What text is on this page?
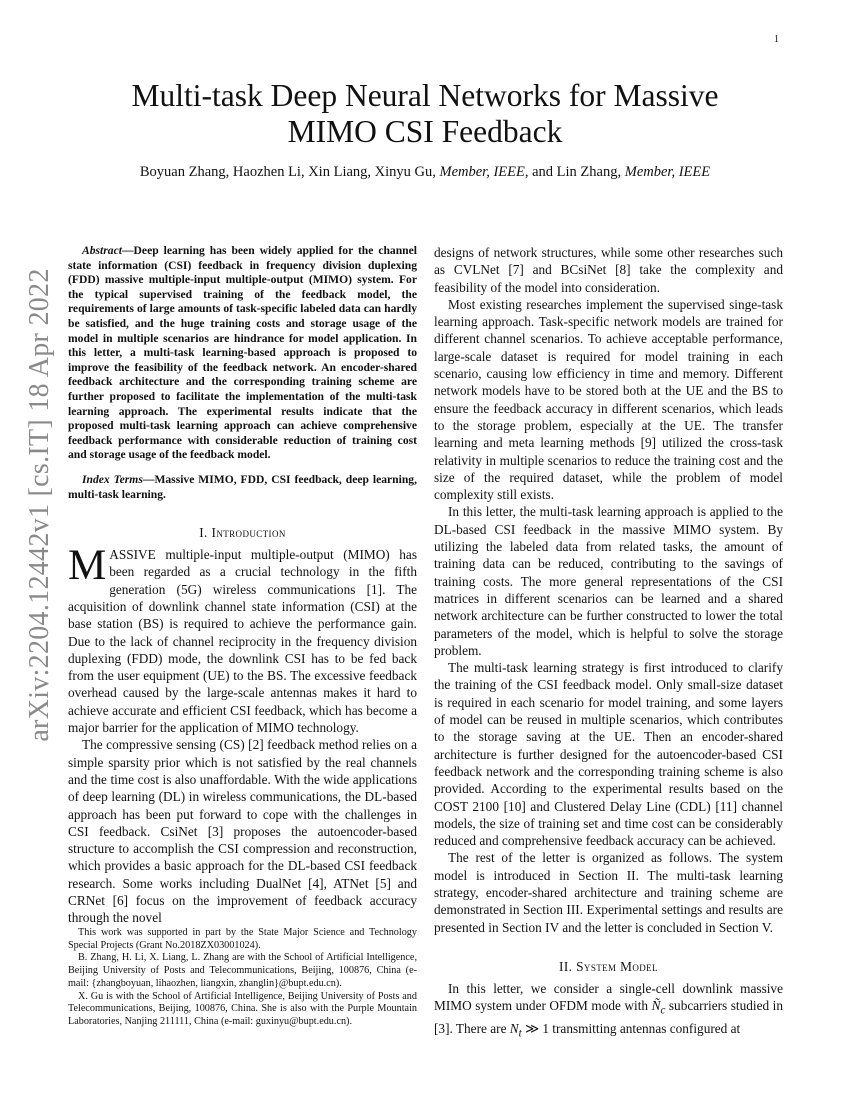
1
arXiv:2204.12442v1 [cs.IT] 18 Apr 2022
Multi-task Deep Neural Networks for Massive
MIMO CSI Feedback
Boyuan Zhang, Haozhen Li, Xin Liang, Xinyu Gu, Member, IEEE, and Lin Zhang, Member, IEEE

Abstract—Deep learning has been widely applied for the channel state information (CSI) feedback in frequency division duplexing (FDD) massive multiple-input multiple-output (MIMO) system. For the typical supervised training of the feedback model, the requirements of large amounts of task-specific labeled data can hardly be satisfied, and the huge training costs and storage usage of the model in multiple scenarios are hindrance for model application. In this letter, a multi-task learning-based approach is proposed to improve the feasibility of the feedback network. An encoder-shared feedback architecture and the corresponding training scheme are further proposed to facilitate the implementation of the multi-task learning approach. The experimental results indicate that the proposed multi-task learning approach can achieve comprehensive feedback performance with considerable reduction of training cost and storage usage of the feedback model.

Index Terms—Massive MIMO, FDD, CSI feedback, deep learning, multi-task learning.

I. Introduction

MASSIVE multiple-input multiple-output (MIMO) has been regarded as a crucial technology in the fifth generation (5G) wireless communications [1]. The acquisition of downlink channel state information (CSI) at the base station (BS) is required to achieve the performance gain. Due to the lack of channel reciprocity in the frequency division duplexing (FDD) mode, the downlink CSI has to be fed back from the user equipment (UE) to the BS. The excessive feedback overhead caused by the large-scale antennas makes it hard to achieve accurate and efficient CSI feedback, which has become a major barrier for the application of MIMO technology.

The compressive sensing (CS) [2] feedback method relies on a simple sparsity prior which is not satisfied by the real channels and the time cost is also unaffordable. With the wide applications of deep learning (DL) in wireless communications, the DL-based approach has been put forward to cope with the challenges in CSI feedback. CsiNet [3] proposes the autoencoder-based structure to accomplish the CSI compression and reconstruction, which provides a basic approach for the DL-based CSI feedback research. Some works including DualNet [4], ATNet [5] and CRNet [6] focus on the improvement of feedback accuracy through the novel

designs of network structures, while some other researches such as CVLNet [7] and BCsiNet [8] take the complexity and feasibility of the model into consideration.

Most existing researches implement the supervised singe-task learning approach. Task-specific network models are trained for different channel scenarios. To achieve acceptable performance, large-scale dataset is required for model training in each scenario, causing low efficiency in time and memory. Different network models have to be stored both at the UE and the BS to ensure the feedback accuracy in different scenarios, which leads to the storage problem, especially at the UE. The transfer learning and meta learning methods [9] utilized the cross-task relativity in multiple scenarios to reduce the training cost and the size of the required dataset, while the problem of model complexity still exists.

In this letter, the multi-task learning approach is applied to the DL-based CSI feedback in the massive MIMO system. By utilizing the labeled data from related tasks, the amount of training data can be reduced, contributing to the savings of training costs. The more general representations of the CSI matrices in different scenarios can be learned and a shared network architecture can be further constructed to lower the total parameters of the model, which is helpful to solve the storage problem.

The multi-task learning strategy is first introduced to clarify the training of the CSI feedback model. Only small-size dataset is required in each scenario for model training, and some layers of model can be reused in multiple scenarios, which contributes to the storage saving at the UE. Then an encoder-shared architecture is further designed for the autoencoder-based CSI feedback network and the corresponding training scheme is also provided. According to the experimental results based on the COST 2100 [10] and Clustered Delay Line (CDL) [11] channel models, the size of training set and time cost can be considerably reduced and comprehensive feedback accuracy can be achieved.

The rest of the letter is organized as follows. The system model is introduced in Section II. The multi-task learning strategy, encoder-shared architecture and training scheme are demonstrated in Section III. Experimental settings and results are presented in Section IV and the letter is concluded in Section V.

II. System Model

In this letter, we consider a single-cell downlink massive MIMO system under OFDM mode with $Ñ_c$ subcarriers studied in [3]. There are $N_t$ ≫ 1 transmitting antennas configured at

This work was supported in part by the State Major Science and Technology Special Projects (Grant No.2018ZX03001024).

B. Zhang, H. Li, X. Liang, L. Zhang are with the School of Artificial Intelligence, Beijing University of Posts and Telecommunications, Beijing, 100876, China (e-mail: {zhangboyuan, lihaozhen, liangxin, zhanglin}@bupt.edu.cn).

X. Gu is with the School of Artificial Intelligence, Beijing University of Posts and Telecommunications, Beijing, 100876, China. She is also with the Purple Mountain Laboratories, Nanjing 211111, China (e-mail: guxinyu@bupt.edu.cn).
